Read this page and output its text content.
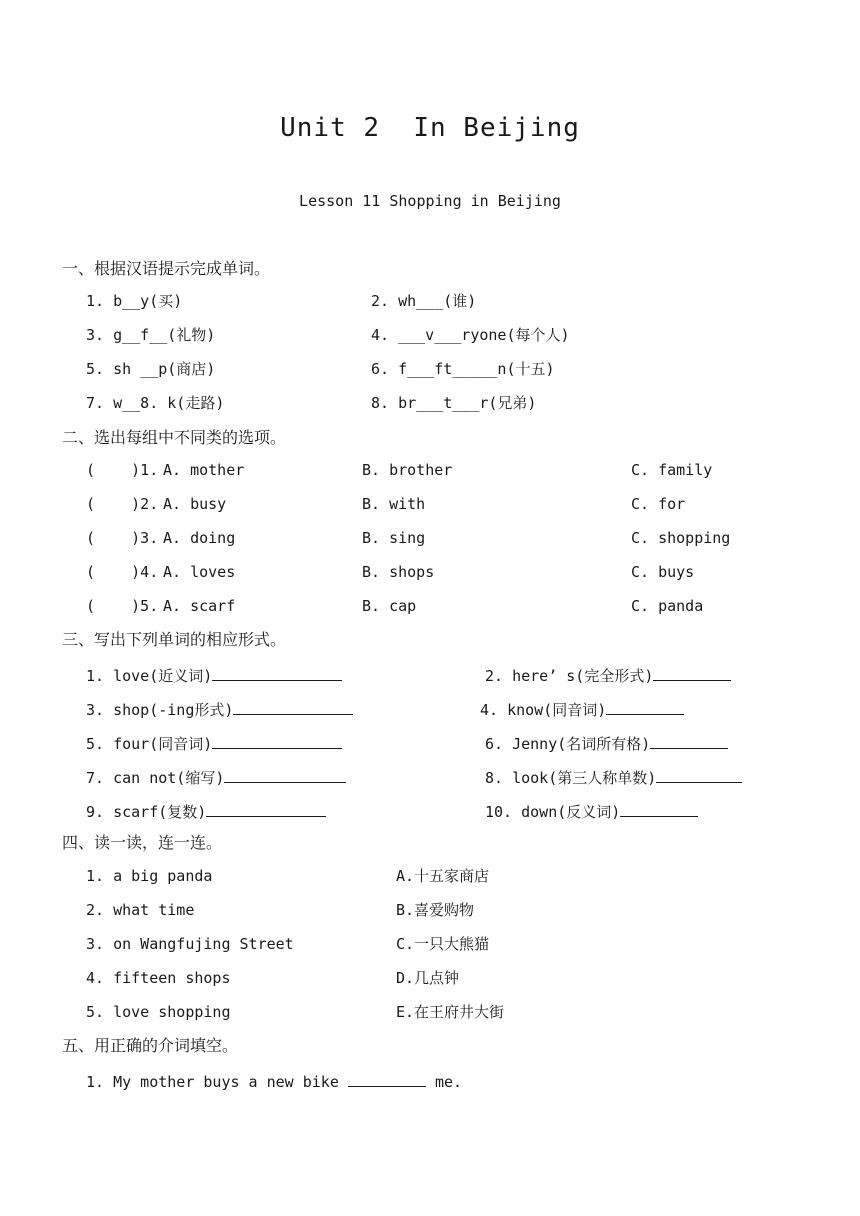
Unit 2  In Beijing
Lesson 11 Shopping in Beijing
一、根据汉语提示完成单词。
1. b__y(买)	2. wh___(谁)
3. g__f__(礼物)	4. ___v___ryone(每个人)
5. sh __p(商店)	6. f___ft_____n(十五)
7. w__8. k(走路)	8. br___t___r(兄弟)
二、选出每组中不同类的选项。
(    )1. A. mother	B. brother	C. family
(    )2. A. busy	B. with	C. for
(    )3. A. doing	B. sing	C. shopping
(    )4. A. loves	B. shops	C. buys
(    )5. A. scarf	B. cap	C. panda
三、写出下列单词的相应形式。
1. love(近义词)	2. here’ s(完全形式)
3. shop(-ing形式)	4. know(同音词)
5. four(同音词)	6. Jenny(名词所有格)
7. can not(缩写)	8. look(第三人称单数)
9. scarf(复数)	10. down(反义词)
四、读一读，连一连。
1. a big panda	A.十五家商店
2. what time	B.喜爱购物
3. on Wangfujing Street	C.一只大熊猫
4. fifteen shops	D.几点钟
5. love shopping	E.在王府井大街
五、用正确的介词填空。
1. My mother buys a new bike	me.
